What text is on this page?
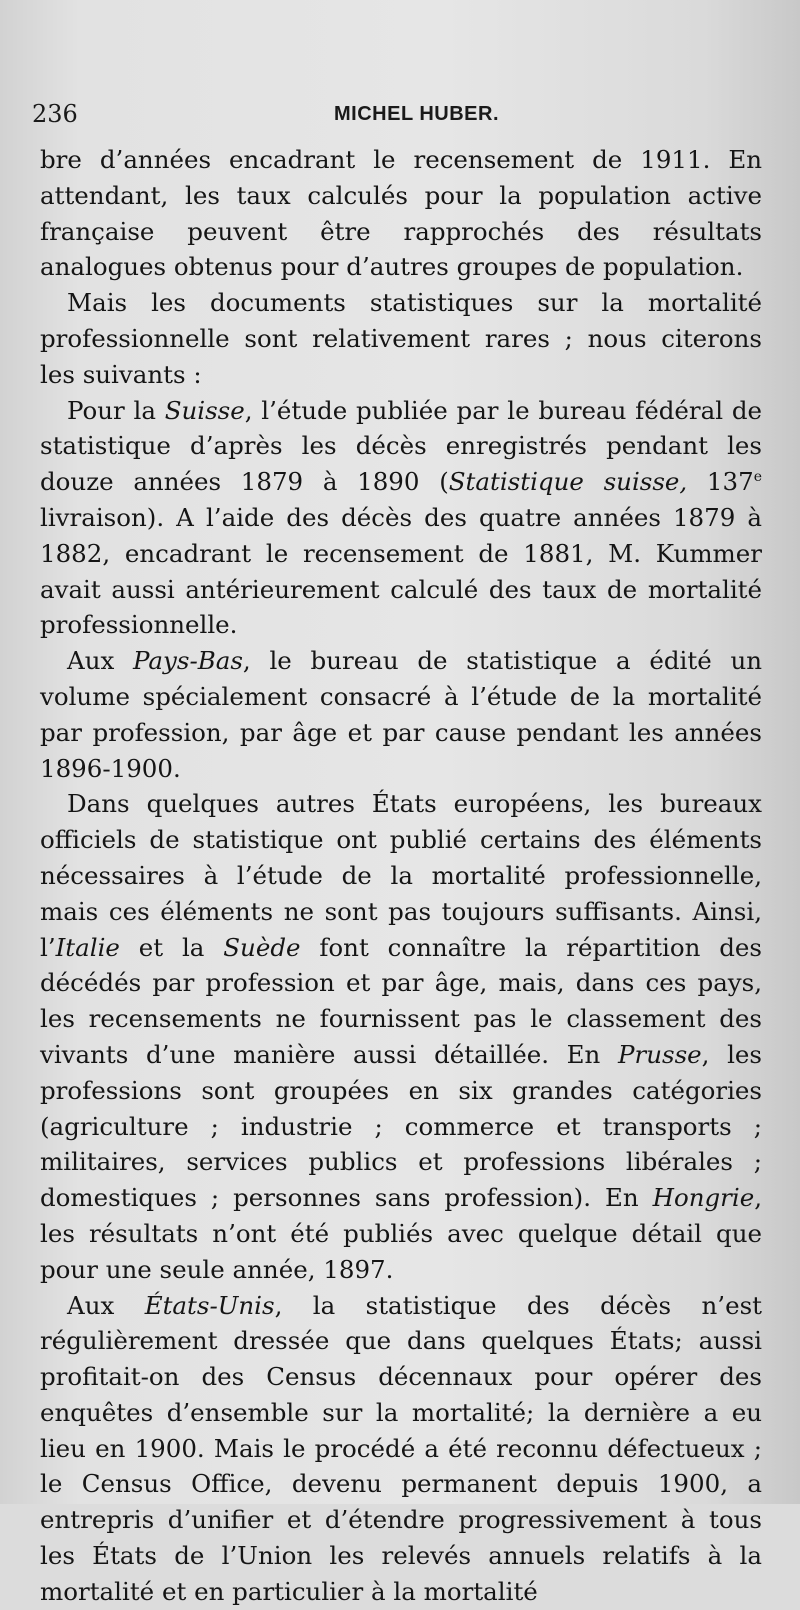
236	MICHEL HUBER.

bre d’années encadrant le recensement de 1911. En attendant, les taux calculés pour la population active française peuvent être rapprochés des résultats analogues obtenus pour d’autres groupes de population.

Mais les documents statistiques sur la mortalité professionnelle sont relativement rares ; nous citerons les suivants :

Pour la Suisse, l’étude publiée par le bureau fédéral de statistique d’après les décès enregistrés pendant les douze années 1879 à 1890 (Statistique suisse, 137e livraison). A l’aide des décès des quatre années 1879 à 1882, encadrant le recensement de 1881, M. Kummer avait aussi antérieurement calculé des taux de mortalité professionnelle.

Aux Pays-Bas, le bureau de statistique a édité un volume spécialement consacré à l’étude de la mortalité par profession, par âge et par cause pendant les années 1896-1900.

Dans quelques autres États européens, les bureaux officiels de statistique ont publié certains des éléments nécessaires à l’étude de la mortalité professionnelle, mais ces éléments ne sont pas toujours suffisants. Ainsi, l’Italie et la Suède font connaître la répartition des décédés par profession et par âge, mais, dans ces pays, les recensements ne fournissent pas le classement des vivants d’une manière aussi détaillée. En Prusse, les professions sont groupées en six grandes catégories (agriculture ; industrie ; commerce et transports ; militaires, services publics et professions libérales ; domestiques ; personnes sans profession). En Hongrie, les résultats n’ont été publiés avec quelque détail que pour une seule année, 1897.

Aux États-Unis, la statistique des décès n’est régulièrement dressée que dans quelques États; aussi profitait-on des Census décennaux pour opérer des enquêtes d’ensemble sur la mortalité; la dernière a eu lieu en 1900. Mais le procédé a été reconnu défectueux ; le Census Office, devenu permanent depuis 1900, a entrepris d’unifier et d’étendre progressivement à tous les États de l’Union les relevés annuels relatifs à la mortalité et en particulier à la mortalité
